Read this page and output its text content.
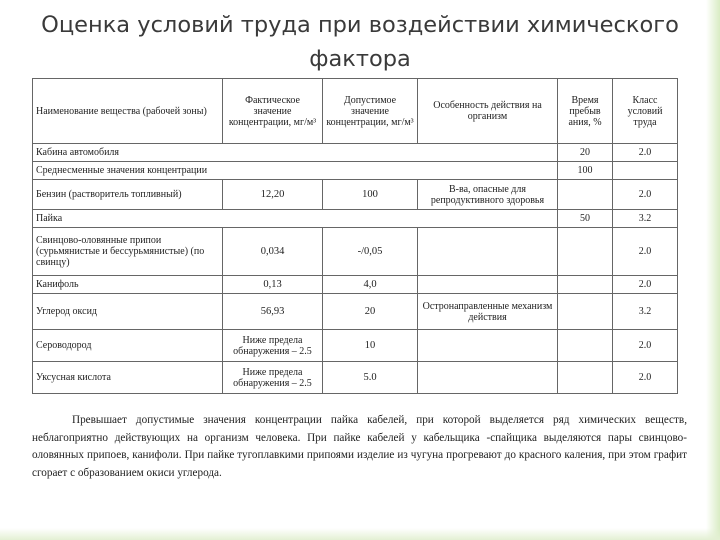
Оценка условий труда при воздействии химического фактора
Наименование вещества (рабочей зоны)	Фактическое значение концентрации, мг/м³	Допустимое значение концентрации, мг/м³	Особенность действия на организм	Время пребыв ания, %	Класс условий труда
Кабина автомобиля				20	2.0
Среднесменные значения концентрации				100	
Бензин (растворитель топливный)	12,20	100	В-ва, опасные для репродуктивного здоровья		2.0
Пайка				50	3.2
Свинцово-оловянные припои (сурьмянистые и бессурьмянистые) (по свинцу)	0,034	-/0,05			2.0
Канифоль	0,13	4,0			2.0
Углерод оксид	56,93	20	Остронаправленные механизм действия		3.2
Сероводород	Ниже предела обнаружения – 2.5	10			2.0
Уксусная кислота	Ниже предела обнаружения – 2.5	5.0			2.0
Превышает допустимые значения концентрации пайка кабелей, при которой выделяется ряд химических веществ, неблагоприятно действующих на организм человека. При пайке кабелей у кабельщика -спайщика выделяются пары свинцово-оловянных припоев, канифоли. При пайке тугоплавкими припоями изделие из чугуна прогревают до красного каления, при этом графит сгорает с образованием окиси углерода.
